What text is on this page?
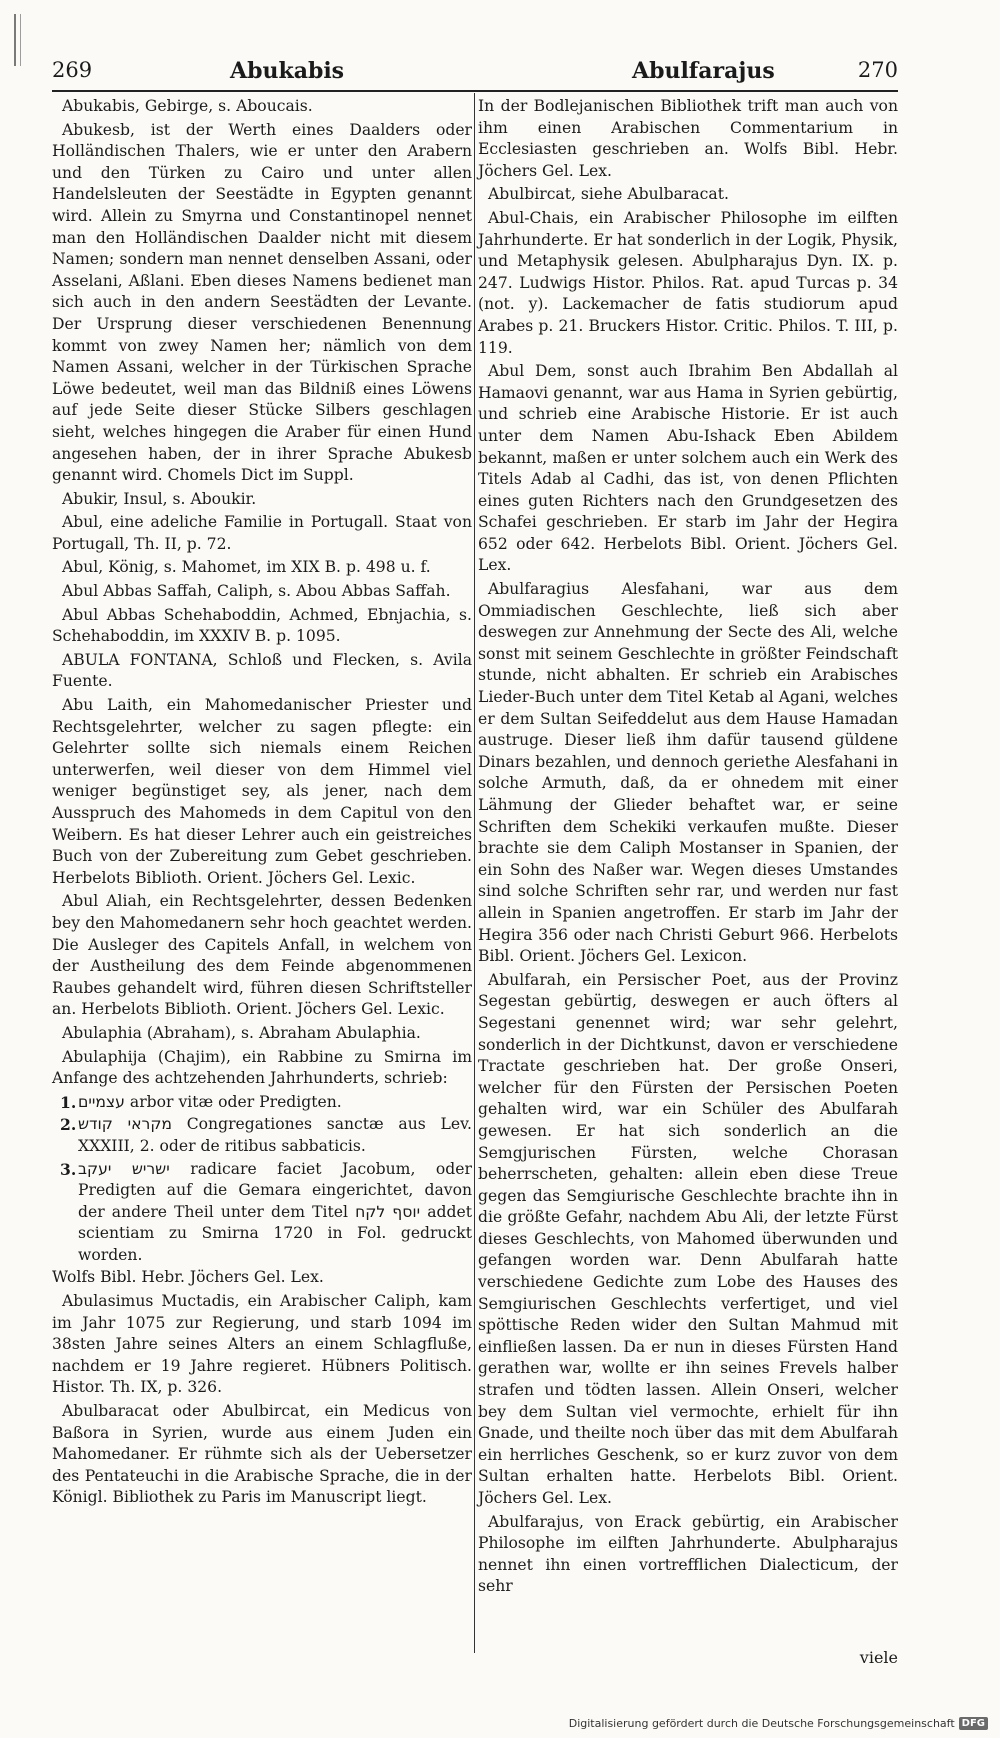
269	Abukabis	Abulfarajus	270

Abukabis, Gebirge, s. Aboucais.

Abukesb, ist der Werth eines Daalders oder Holländischen Thalers, wie er unter den Arabern und den Türken zu Cairo und unter allen Handelsleuten der Seestädte in Egypten genannt wird. Allein zu Smyrna und Constantinopel nennet man den Holländischen Daalder nicht mit diesem Namen; sondern man nennet denselben Assani, oder Asselani, Aßlani. Eben dieses Namens bedienet man sich auch in den andern Seestädten der Levante. Der Ursprung dieser verschiedenen Benennung kommt von zwey Namen her; nämlich von dem Namen Assani, welcher in der Türkischen Sprache Löwe bedeutet, weil man das Bildniß eines Löwens auf jede Seite dieser Stücke Silbers geschlagen sieht, welches hingegen die Araber für einen Hund angesehen haben, der in ihrer Sprache Abukesb genannt wird. Chomels Dict im Suppl.

Abukir, Insul, s. Aboukir.

Abul, eine adeliche Familie in Portugall. Staat von Portugall, Th. II, p. 72.

Abul, König, s. Mahomet, im XIX B. p. 498 u. f.

Abul Abbas Saffah, Caliph, s. Abou Abbas Saffah.

Abul Abbas Schehaboddin, Achmed, Ebnjachia, s. Schehaboddin, im XXXIV B. p. 1095.

ABULA FONTANA, Schloß und Flecken, s. Avila Fuente.

Abu Laith, ein Mahomedanischer Priester und Rechtsgelehrter, welcher zu sagen pflegte: ein Gelehrter sollte sich niemals einem Reichen unterwerfen, weil dieser von dem Himmel viel weniger begünstiget sey, als jener, nach dem Ausspruch des Mahomeds in dem Capitul von den Weibern. Es hat dieser Lehrer auch ein geistreiches Buch von der Zubereitung zum Gebet geschrieben. Herbelots Biblioth. Orient. Jöchers Gel. Lexic.

Abul Aliah, ein Rechtsgelehrter, dessen Bedenken bey den Mahomedanern sehr hoch geachtet werden. Die Ausleger des Capitels Anfall, in welchem von der Austheilung des dem Feinde abgenommenen Raubes gehandelt wird, führen diesen Schriftsteller an. Herbelots Biblioth. Orient. Jöchers Gel. Lexic.

Abulaphia (Abraham), s. Abraham Abulaphia.

Abulaphija (Chajim), ein Rabbine zu Smirna im Anfange des achtzehenden Jahrhunderts, schrieb:

1. עצמיים arbor vitæ oder Predigten.
2. מקראי קודש Congregationes sanctæ aus Lev. XXXIII, 2. oder de ritibus sabbaticis.
3. ישריש יעקב radicare faciet Jacobum, oder Predigten auf die Gemara eingerichtet, davon der andere Theil unter dem Titel יוסף לקח addet scientiam zu Smirna 1720 in Fol. gedruckt worden.

Wolfs Bibl. Hebr. Jöchers Gel. Lex.

Abulasimus Muctadis, ein Arabischer Caliph, kam im Jahr 1075 zur Regierung, und starb 1094 im 38sten Jahre seines Alters an einem Schlagfluße, nachdem er 19 Jahre regieret. Hübners Politisch. Histor. Th. IX, p. 326.

Abulbaracat oder Abulbircat, ein Medicus von Baßora in Syrien, wurde aus einem Juden ein Mahomedaner. Er rühmte sich als der Uebersetzer des Pentateuchi in die Arabische Sprache, die in der Königl. Bibliothek zu Paris im Manuscript liegt.

In der Bodlejanischen Bibliothek trift man auch von ihm einen Arabischen Commentarium in Ecclesiasten geschrieben an. Wolfs Bibl. Hebr. Jöchers Gel. Lex.

Abulbircat, siehe Abulbaracat.

Abul-Chais, ein Arabischer Philosophe im eilften Jahrhunderte. Er hat sonderlich in der Logik, Physik, und Metaphysik gelesen. Abulpharajus Dyn. IX. p. 247. Ludwigs Histor. Philos. Rat. apud Turcas p. 34 (not. y). Lackemacher de fatis studiorum apud Arabes p. 21. Bruckers Histor. Critic. Philos. T. III, p. 119.

Abul Dem, sonst auch Ibrahim Ben Abdallah al Hamaovi genannt, war aus Hama in Syrien gebürtig, und schrieb eine Arabische Historie. Er ist auch unter dem Namen Abu-Ishack Eben Abildem bekannt, maßen er unter solchem auch ein Werk des Titels Adab al Cadhi, das ist, von denen Pflichten eines guten Richters nach den Grundgesetzen des Schafei geschrieben. Er starb im Jahr der Hegira 652 oder 642. Herbelots Bibl. Orient. Jöchers Gel. Lex.

Abulfaragius Alesfahani, war aus dem Ommiadischen Geschlechte, ließ sich aber deswegen zur Annehmung der Secte des Ali, welche sonst mit seinem Geschlechte in größter Feindschaft stunde, nicht abhalten. Er schrieb ein Arabisches Lieder-Buch unter dem Titel Ketab al Agani, welches er dem Sultan Seifeddelut aus dem Hause Hamadan austruge. Dieser ließ ihm dafür tausend güldene Dinars bezahlen, und dennoch geriethe Alesfahani in solche Armuth, daß, da er ohnedem mit einer Lähmung der Glieder behaftet war, er seine Schriften dem Schekiki verkaufen mußte. Dieser brachte sie dem Caliph Mostanser in Spanien, der ein Sohn des Naßer war. Wegen dieses Umstandes sind solche Schriften sehr rar, und werden nur fast allein in Spanien angetroffen. Er starb im Jahr der Hegira 356 oder nach Christi Geburt 966. Herbelots Bibl. Orient. Jöchers Gel. Lexicon.

Abulfarah, ein Persischer Poet, aus der Provinz Segestan gebürtig, deswegen er auch öfters al Segestani genennet wird; war sehr gelehrt, sonderlich in der Dichtkunst, davon er verschiedene Tractate geschrieben hat. Der große Onseri, welcher für den Fürsten der Persischen Poeten gehalten wird, war ein Schüler des Abulfarah gewesen. Er hat sich sonderlich an die Semgjurischen Fürsten, welche Chorasan beherrscheten, gehalten: allein eben diese Treue gegen das Semgiurische Geschlechte brachte ihn in die größte Gefahr, nachdem Abu Ali, der letzte Fürst dieses Geschlechts, von Mahomed überwunden und gefangen worden war. Denn Abulfarah hatte verschiedene Gedichte zum Lobe des Hauses des Semgiurischen Geschlechts verfertiget, und viel spöttische Reden wider den Sultan Mahmud mit einfließen lassen. Da er nun in dieses Fürsten Hand gerathen war, wollte er ihn seines Frevels halber strafen und tödten lassen. Allein Onseri, welcher bey dem Sultan viel vermochte, erhielt für ihn Gnade, und theilte noch über das mit dem Abulfarah ein herrliches Geschenk, so er kurz zuvor von dem Sultan erhalten hatte. Herbelots Bibl. Orient. Jöchers Gel. Lex.

Abulfarajus, von Erack gebürtig, ein Arabischer Philosophe im eilften Jahrhunderte. Abulpharajus nennet ihn einen vortrefflichen Dialecticum, der sehr

viele
Digitalisierung gefördert durch die Deutsche Forschungsgemeinschaft DFG
